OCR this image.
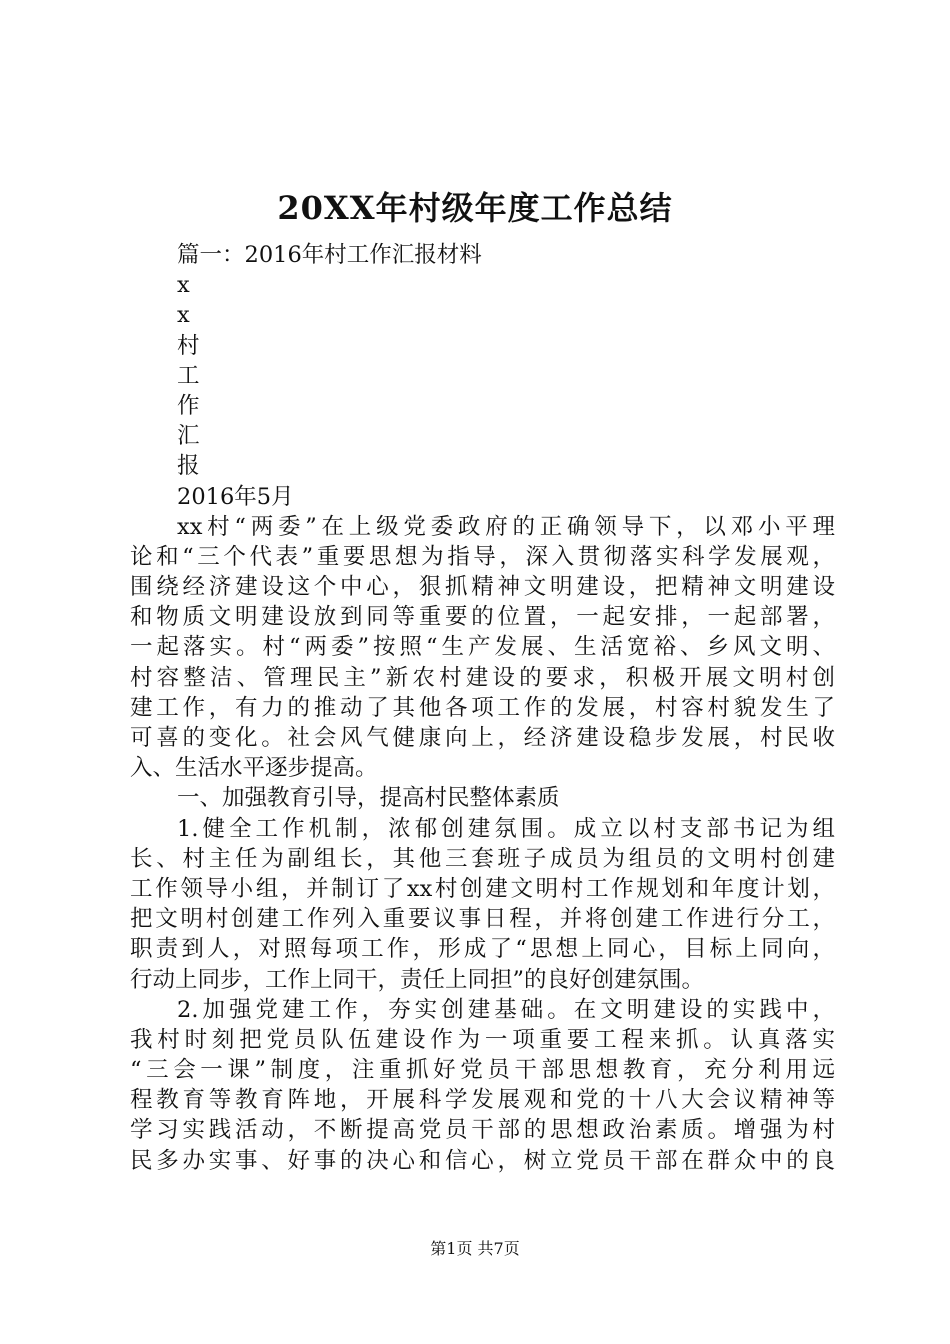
20XX年村级年度工作总结
篇一：2016年村工作汇报材料
x
x
村
工
作
汇
报
2016年5月
xx村“两委”在上级党委政府的正确领导下，以邓小平理
论和“三个代表”重要思想为指导，深入贯彻落实科学发展观，
围绕经济建设这个中心，狠抓精神文明建设，把精神文明建设
和物质文明建设放到同等重要的位置，一起安排，一起部署，
一起落实。村“两委”按照“生产发展、生活宽裕、乡风文明、
村容整洁、管理民主”新农村建设的要求，积极开展文明村创
建工作，有力的推动了其他各项工作的发展，村容村貌发生了
可喜的变化。社会风气健康向上，经济建设稳步发展，村民收
入、生活水平逐步提高。
一、加强教育引导，提高村民整体素质
1.健全工作机制，浓郁创建氛围。成立以村支部书记为组
长、村主任为副组长，其他三套班子成员为组员的文明村创建
工作领导小组，并制订了xx村创建文明村工作规划和年度计划，
把文明村创建工作列入重要议事日程，并将创建工作进行分工，
职责到人，对照每项工作，形成了“思想上同心，目标上同向，
行动上同步，工作上同干，责任上同担”的良好创建氛围。
2.加强党建工作，夯实创建基础。在文明建设的实践中，
我村时刻把党员队伍建设作为一项重要工程来抓。认真落实
“三会一课”制度，注重抓好党员干部思想教育，充分利用远
程教育等教育阵地，开展科学发展观和党的十八大会议精神等
学习实践活动，不断提高党员干部的思想政治素质。增强为村
民多办实事、好事的决心和信心，树立党员干部在群众中的良
第1页 共7页
